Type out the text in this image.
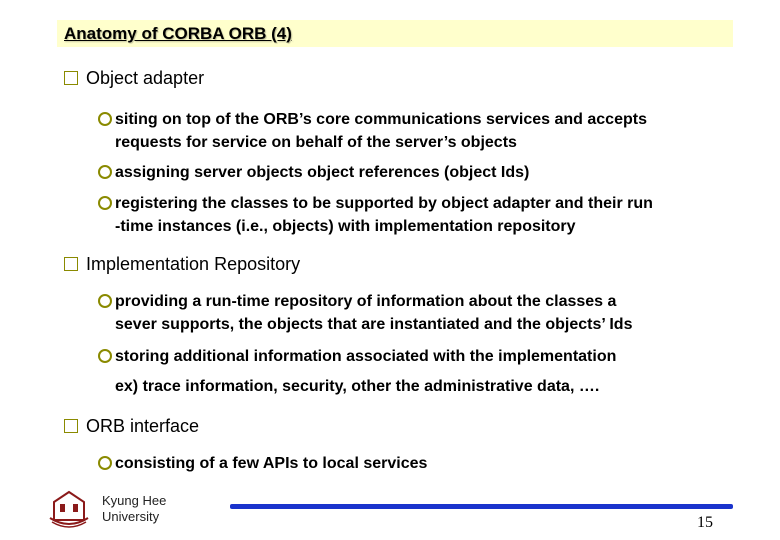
Anatomy of CORBA ORB (4)
Object adapter
siting on top of the ORB’s core communications services and accepts
requests for service on behalf of the server’s objects
assigning server objects object references (object Ids)
registering the classes to be supported by object adapter and their run
-time instances (i.e., objects) with implementation repository
Implementation Repository
providing a run-time repository of information about the classes a
sever supports, the objects that are instantiated and the objects’ Ids
storing additional information associated with the implementation
ex) trace information, security, other the administrative data, ….
ORB interface
consisting of a few APIs to local services
Kyung Hee
University	15
